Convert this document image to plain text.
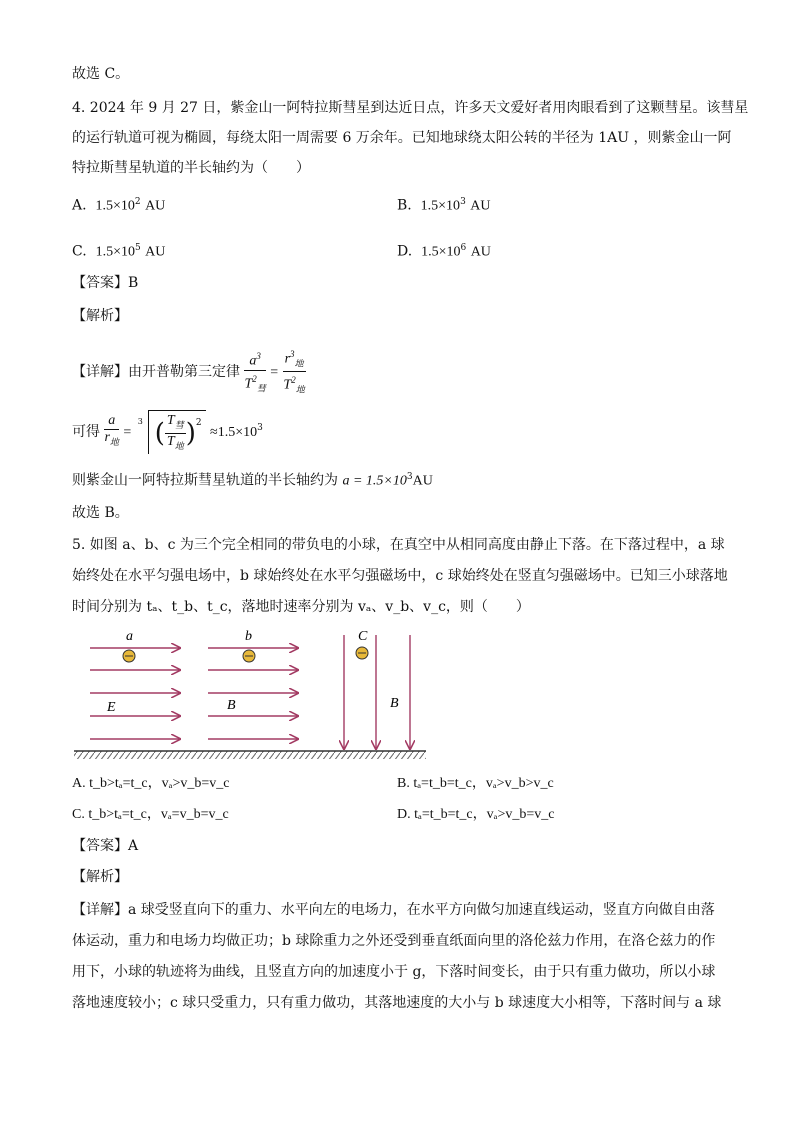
故选 C。
4. 2024 年 9 月 27 日，紫金山一阿特拉斯彗星到达近日点，许多天文爱好者用肉眼看到了这颗彗星。该彗星
的运行轨道可视为椭圆，每绕太阳一周需要 6 万余年。已知地球绕太阳公转的半径为 1AU ，则紫金山一阿
特拉斯彗星轨道的半长轴约为（　　）
A. $1.5\times 10^2$ AU	B. $1.5\times 10^3$ AU
C. $1.5\times 10^5$ AU	D. $1.5\times 10^6$ AU
【答案】B
【解析】
【详解】由开普勒第三定律 $\frac{a^3}{T^2_彗} = \frac{r^3_地}{T^2_地}$
可得 $\frac{a}{r_地}$ =
3 ( $\frac{T_彗}{T_地} )^2 \approx 1.5\times 10^3$
则紫金山一阿特拉斯彗星轨道的半长轴约为 $a = 1.5\times 10^3AU$
故选 B。
5. 如图 a、b、c 为三个完全相同的带负电的小球，在真空中从相同高度由静止下落。在下落过程中，a 球
始终处在水平匀强电场中，b 球始终处在水平匀强磁场中，c 球始终处在竖直匀强磁场中。已知三小球落地
时间分别为 tₐ、t_b、t_c，落地时速率分别为 vₐ、v_b、v_c，则（　　）
a	b	C
E	B	B
A. t_b>tₐ=t_c，vₐ>v_b=v_c	B. tₐ=t_b=t_c，vₐ>v_b>v_c
C. t_b>tₐ=t_c，vₐ=v_b=v_c	D. tₐ=t_b=t_c，vₐ>v_b=v_c
【答案】A
【解析】
【详解】a 球受竖直向下的重力、水平向左的电场力，在水平方向做匀加速直线运动，竖直方向做自由落
体运动，重力和电场力均做正功；b 球除重力之外还受到垂直纸面向里的洛伦兹力作用，在洛仑兹力的作
用下，小球的轨迹将为曲线，且竖直方向的加速度小于 g，下落时间变长，由于只有重力做功，所以小球
落地速度较小；c 球只受重力，只有重力做功，其落地速度的大小与 b 球速度大小相等，下落时间与 a 球
